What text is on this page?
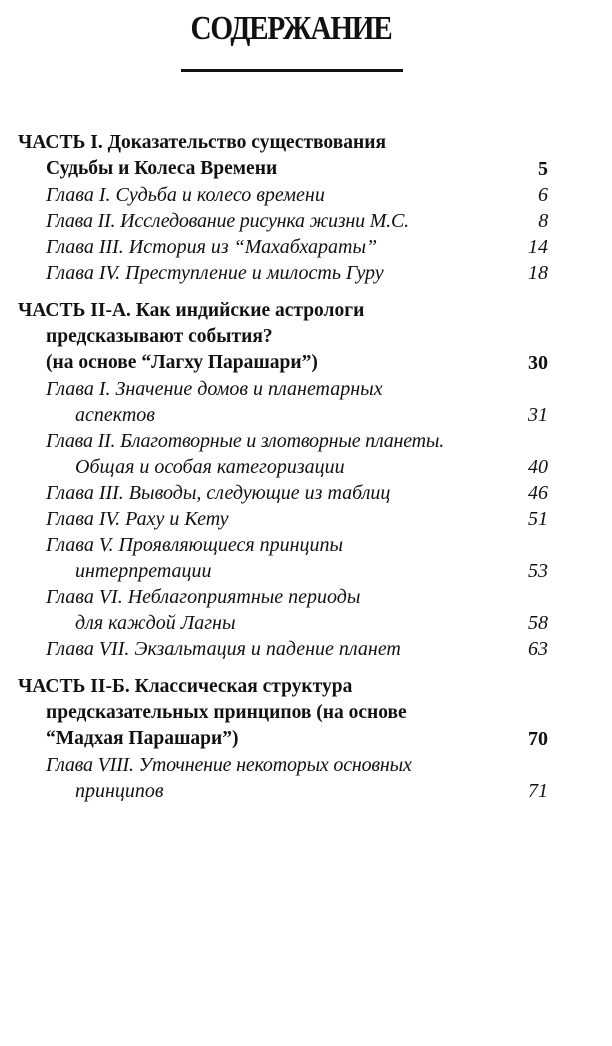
СОДЕРЖАНИЕ
ЧАСТЬ I. Доказательство существования
Судьбы и Колеса Времени	5
Глава I. Судьба и колесо времени	6
Глава II. Исследование рисунка жизни М.С.	8
Глава III. История из “Махабхараты”	14
Глава IV. Преступление и милость Гуру	18
ЧАСТЬ II-А. Как индийские астрологи
предсказывают события?
(на основе “Лагху Парашари”)	30
Глава I. Значение домов и планетарных
аспектов	31
Глава II. Благотворные и злотворные планеты.
Общая и особая категоризации	40
Глава III. Выводы, следующие из таблиц	46
Глава IV. Раху и Кету	51
Глава V. Проявляющиеся принципы
интерпретации	53
Глава VI. Неблагоприятные периоды
для каждой Лагны	58
Глава VII. Экзальтация и падение планет	63
ЧАСТЬ II-Б. Классическая структура
предсказательных принципов (на основе
“Мадхая Парашари”)	70
Глава VIII. Уточнение некоторых основных
принципов	71
